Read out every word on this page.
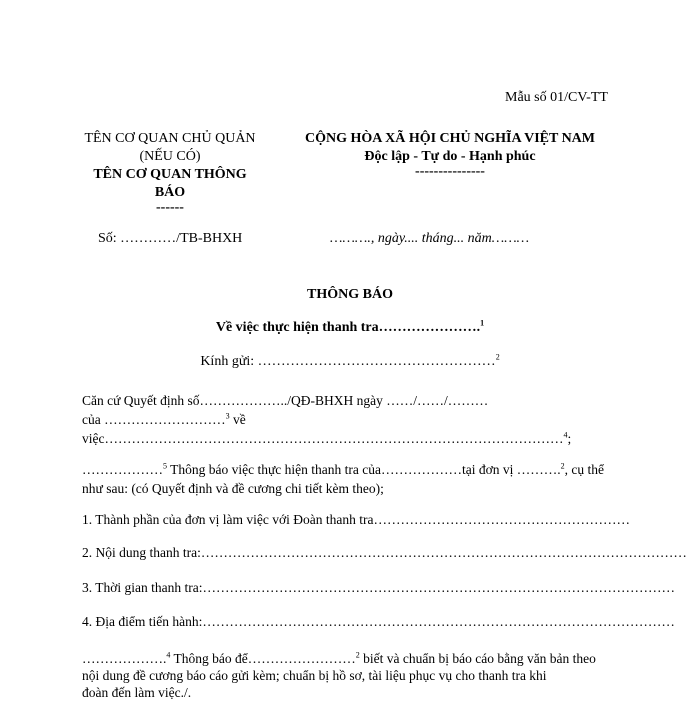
Mẫu số 01/CV-TT
TÊN CƠ QUAN CHỦ QUẢN
(NẾU CÓ)
TÊN CƠ QUAN THÔNG
BÁO
------
CỘNG HÒA XÃ HỘI CHỦ NGHĨA VIỆT NAM
Độc lập - Tự do - Hạnh phúc
---------------
Số: …………/TB-BHXH	………., ngày.... tháng... năm………
THÔNG BÁO
Về việc thực hiện thanh tra………………….$^1$
Kính gửi: ……………………………………………$^2$
Căn cứ Quyết định số………………../QĐ-BHXH ngày ……/……/………
của ………………………$^3$ về
việc…………………………………………………………………………………………$^4$;
………………$^5$ Thông báo việc thực hiện thanh tra của………………tại đơn vị ……….$^2$, cụ thể
như sau: (có Quyết định và đề cương chi tiết kèm theo);
1. Thành phần của đơn vị làm việc với Đoàn thanh tra…………………………………………………
2. Nội dung thanh tra:………………………………………………………………………………………………
3. Thời gian thanh tra:……………………………………………………………………………………………
4. Địa điểm tiến hành:……………………………………………………………………………………………
……………….$^4$ Thông báo để……………………$^2$ biết và chuẩn bị báo cáo bằng văn bản theo
nội dung đề cương báo cáo gửi kèm; chuẩn bị hồ sơ, tài liệu phục vụ cho thanh tra khi
đoàn đến làm việc./.
